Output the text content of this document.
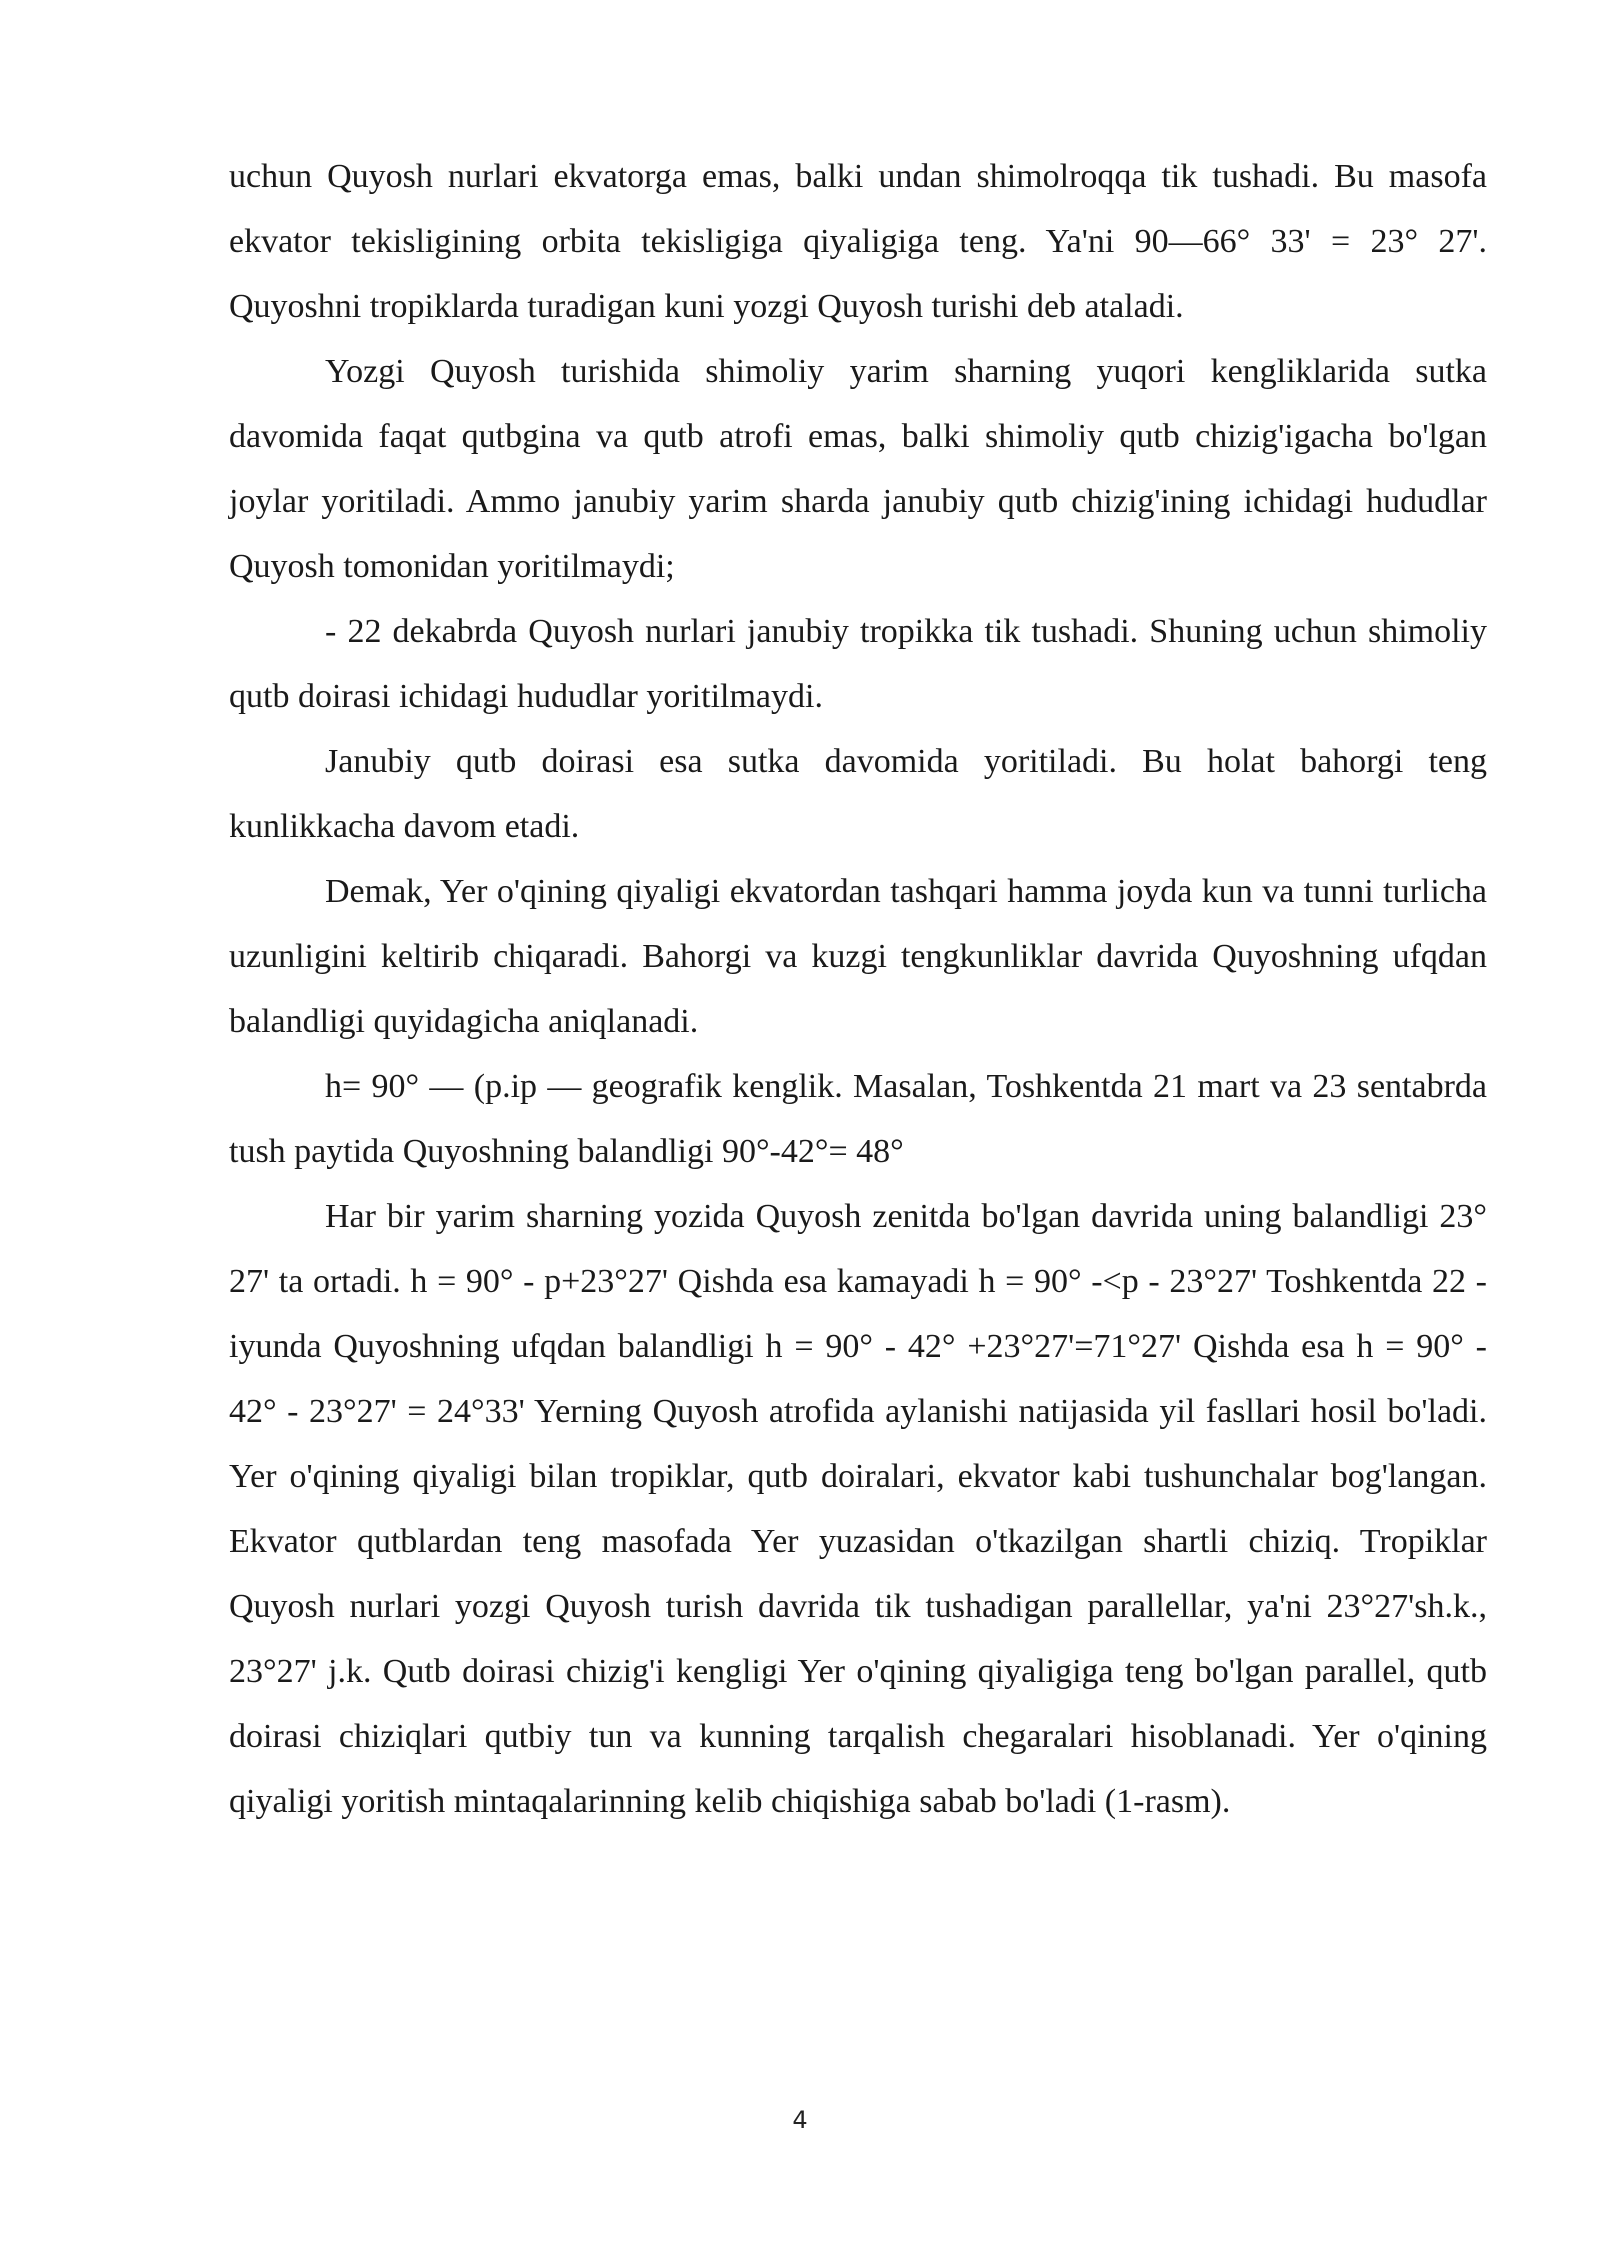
uchun Quyosh nurlari ekvatorga emas, balki undan shimolroqqa tik tushadi. Bu masofa ekvator tekisligining orbita tekisligiga qiyaligiga teng. Ya'ni 90—66° 33' = 23° 27'. Quyoshni tropiklarda turadigan kuni yozgi Quyosh turishi deb ataladi.

Yozgi Quyosh turishida shimoliy yarim sharning yuqori kengliklarida sutka davomida faqat qutbgina va qutb atrofi emas, balki shimoliy qutb chizig'igacha bo'lgan joylar yoritiladi. Ammo janubiy yarim sharda janubiy qutb chizig'ining ichidagi hududlar Quyosh tomonidan yoritilmaydi;

- 22 dekabrda Quyosh nurlari janubiy tropikka tik tushadi. Shuning uchun shimoliy qutb doirasi ichidagi hududlar yoritilmaydi.

Janubiy qutb doirasi esa sutka davomida yoritiladi. Bu holat bahorgi teng kunlikkacha davom etadi.

Demak, Yer o'qining qiyaligi ekvatordan tashqari hamma joyda kun va tunni turlicha uzunligini keltirib chiqaradi. Bahorgi va kuzgi tengkunliklar davrida Quyoshning ufqdan balandligi quyidagicha aniqlanadi.

h= 90° — (p.ip — geografik kenglik. Masalan, Toshkentda 21 mart va 23 sentabrda tush paytida Quyoshning balandligi 90°-42°= 48°

Har bir yarim sharning yozida Quyosh zenitda bo'lgan davrida uning balandligi 23° 27' ta ortadi. h = 90° - p+23°27' Qishda esa kamayadi h = 90° -<p - 23°27' Toshkentda 22 - iyunda Quyoshning ufqdan balandligi h = 90° - 42° +23°27'=71°27' Qishda esa h = 90° - 42° - 23°27' = 24°33' Yerning Quyosh atrofida aylanishi natijasida yil fasllari hosil bo'ladi. Yer o'qining qiyaligi bilan tropiklar, qutb doiralari, ekvator kabi tushunchalar bog'langan. Ekvator qutblardan teng masofada Yer yuzasidan o'tkazilgan shartli chiziq. Tropiklar Quyosh nurlari yozgi Quyosh turish davrida tik tushadigan parallellar, ya'ni 23°27'sh.k., 23°27' j.k. Qutb doirasi chizig'i kengligi Yer o'qining qiyaligiga teng bo'lgan parallel, qutb doirasi chiziqlari qutbiy tun va kunning tarqalish chegaralari hisoblanadi. Yer o'qining qiyaligi yoritish mintaqalarinning kelib chiqishiga sabab bo'ladi (1-rasm).

4
